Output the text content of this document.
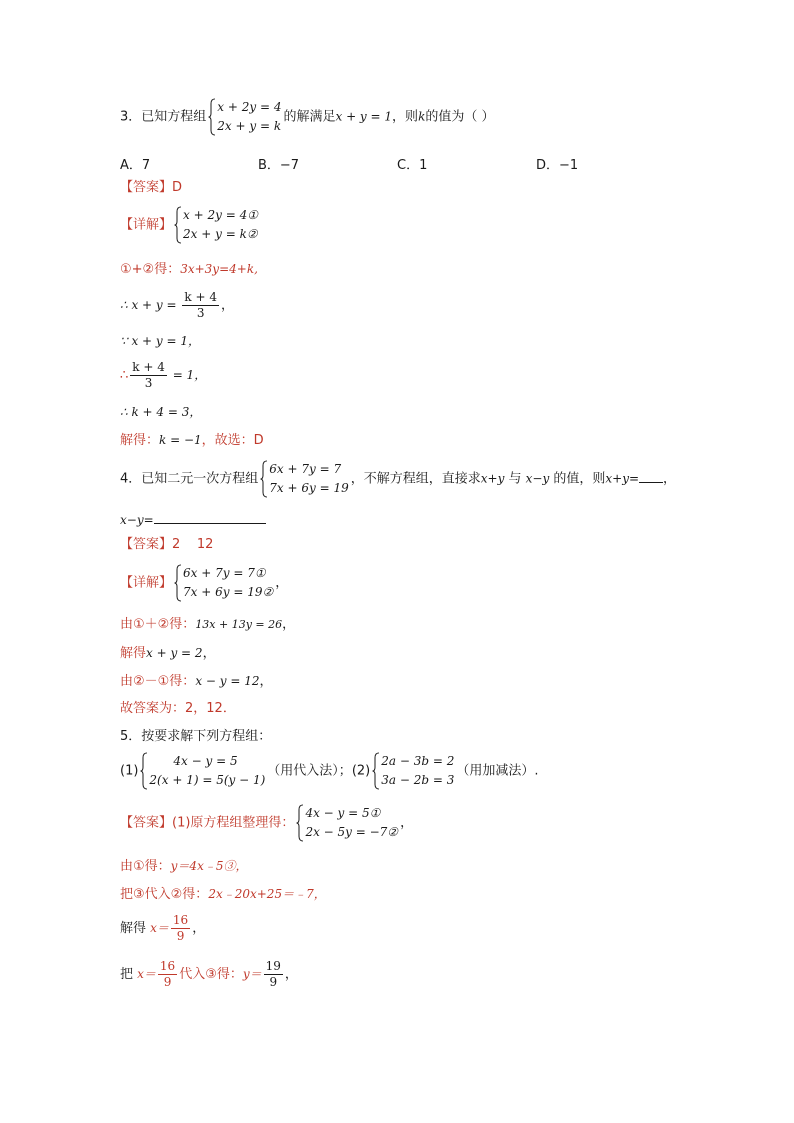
3．已知方程组
x + 2y = 4
2x + y = k
的解满足x + y = 1，则k的值为（ ）
A．7	B．−7	C．1	D．−1
【答案】D
【详解】
x + 2y = 4①
2x + y = k②
①+②得：3x+3y=4+k,
∴ $x + y = \frac{k + 4}{3}$ ，
∵ x + y = 1，
∴ $\frac{k + 4}{3} = 1$，
∴ k + 4 = 3，
解得：k = −1，故选：D
4．已知二元一次方程组
6x + 7y = 7
7x + 6y = 19
，不解方程组，直接求x+y 与 x−y 的值，则x+y= ，
x−y=
【答案】2    12
【详解】
6x + 7y = 7①
7x + 6y = 19②
，
由①＋②得：13x + 13y = 26，
解得x + y = 2，
由②－①得：x − y = 12，
故答案为：2，12．
5．按要求解下列方程组：
(1)
4x − y = 5
2(x + 1) = 5(y − 1)
（用代入法）；(2)
2a − 3b = 2
3a − 2b = 3
（用加减法）.
【答案】(1)原方程组整理得：
4x − y = 5①
2x − 5y = −7②
，
由①得：y＝4x﹣5③，
把③代入②得：2x﹣20x+25＝﹣7，
解得 $x= \frac{16}{9}$ ，
把 $x= \frac{16}{9}$ 代入③得：$y= \frac{19}{9}$ ，
